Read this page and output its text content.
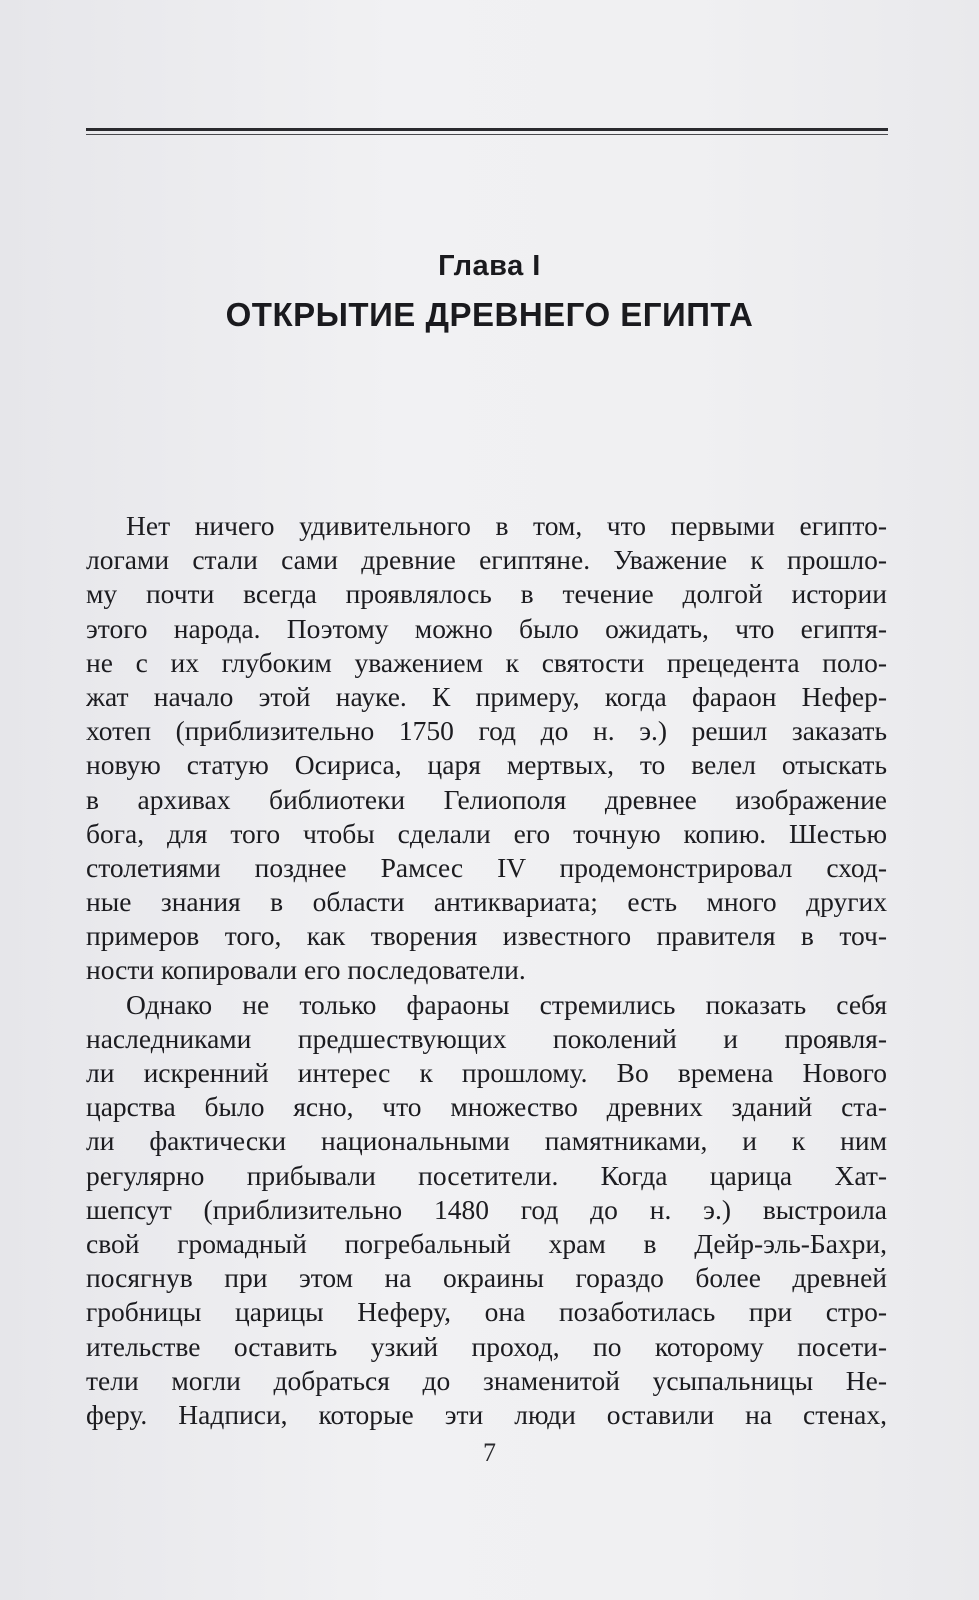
Глава I
ОТКРЫТИЕ ДРЕВНЕГО ЕГИПТА
Нет ничего удивительного в том, что первыми египто-
логами стали сами древние египтяне. Уважение к прошло-
му почти всегда проявлялось в течение долгой истории
этого народа. Поэтому можно было ожидать, что египтя-
не с их глубоким уважением к святости прецедента поло-
жат начало этой науке. К примеру, когда фараон Нефер-
хотеп (приблизительно 1750 год до н. э.) решил заказать
новую статую Осириса, царя мертвых, то велел отыскать
в архивах библиотеки Гелиополя древнее изображение
бога, для того чтобы сделали его точную копию. Шестью
столетиями позднее Рамсес IV продемонстрировал сход-
ные знания в области антиквариата; есть много других
примеров того, как творения известного правителя в точ-
ности копировали его последователи.
Однако не только фараоны стремились показать себя
наследниками предшествующих поколений и проявля-
ли искренний интерес к прошлому. Во времена Нового
царства было ясно, что множество древних зданий ста-
ли фактически национальными памятниками, и к ним
регулярно прибывали посетители. Когда царица Хат-
шепсут (приблизительно 1480 год до н. э.) выстроила
свой громадный погребальный храм в Дейр-эль-Бахри,
посягнув при этом на окраины гораздо более древней
гробницы царицы Неферу, она позаботилась при стро-
ительстве оставить узкий проход, по которому посети-
тели могли добраться до знаменитой усыпальницы Не-
феру. Надписи, которые эти люди оставили на стенах,
7
